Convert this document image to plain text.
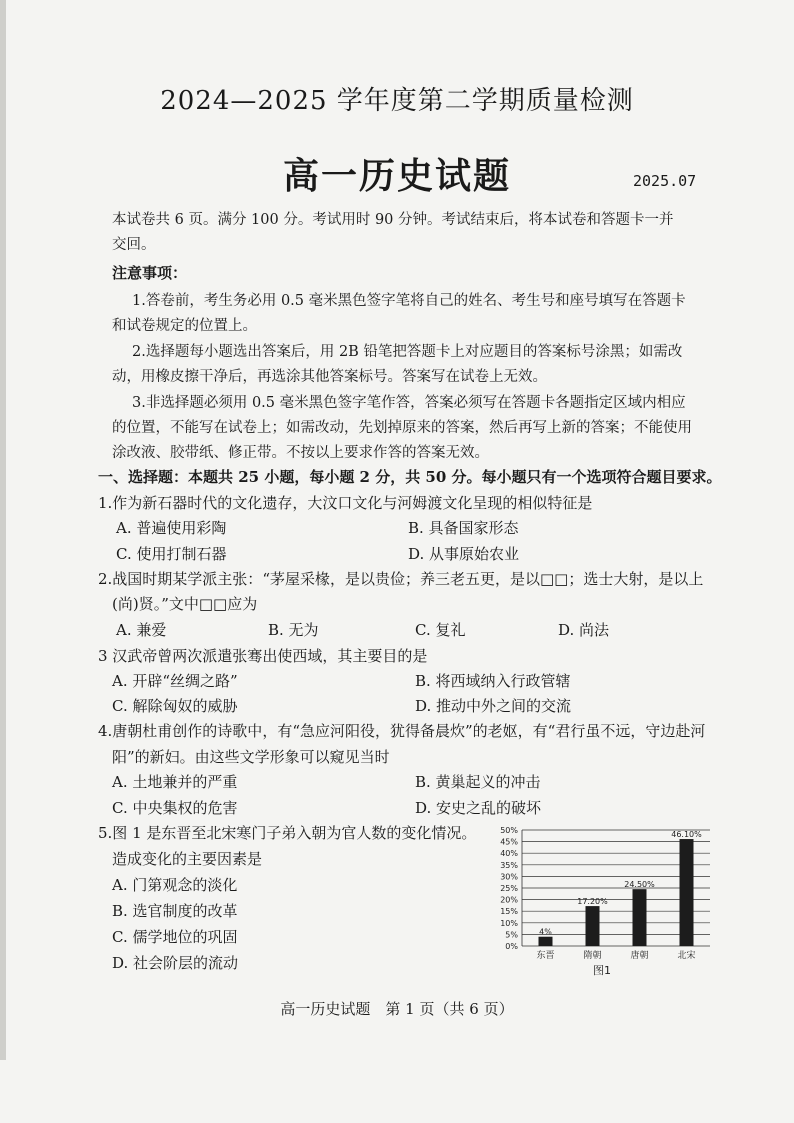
2024—2025 学年度第二学期质量检测
高一历史试题	2025.07
本试卷共 6 页。满分 100 分。考试用时 90 分钟。考试结束后，将本试卷和答题卡一并
交回。
注意事项：
1.答卷前，考生务必用 0.5 毫米黑色签字笔将自己的姓名、考生号和座号填写在答题卡
和试卷规定的位置上。
2.选择题每小题选出答案后，用 2B 铅笔把答题卡上对应题目的答案标号涂黑；如需改
动，用橡皮擦干净后，再选涂其他答案标号。答案写在试卷上无效。
3.非选择题必须用 0.5 毫米黑色签字笔作答，答案必须写在答题卡各题指定区域内相应
的位置，不能写在试卷上；如需改动，先划掉原来的答案，然后再写上新的答案；不能使用
涂改液、胶带纸、修正带。不按以上要求作答的答案无效。
一、选择题：本题共 25 小题，每小题 2 分，共 50 分。每小题只有一个选项符合题目要求。
1.作为新石器时代的文化遗存，大汶口文化与河姆渡文化呈现的相似特征是
A. 普遍使用彩陶	B. 具备国家形态
C. 使用打制石器	D. 从事原始农业
2.战国时期某学派主张：“茅屋采椽，是以贵俭；养三老五更，是以□□；选士大射，是以上
(尚)贤。”文中□□应为
A. 兼爱	B. 无为	C. 复礼	D. 尚法
3 汉武帝曾两次派遣张骞出使西域，其主要目的是
A. 开辟“丝绸之路”	B. 将西域纳入行政管辖
C. 解除匈奴的威胁	D. 推动中外之间的交流
4.唐朝杜甫创作的诗歌中，有“急应河阳役，犹得备晨炊”的老妪，有“君行虽不远，守边赴河
阳”的新妇。由这些文学形象可以窥见当时
A. 土地兼并的严重	B. 黄巢起义的冲击
C. 中央集权的危害	D. 安史之乱的破坏
5.图 1 是东晋至北宋寒门子弟入朝为官人数的变化情况。
造成变化的主要因素是
A. 门第观念的淡化
B. 选官制度的改革
C. 儒学地位的巩固
D. 社会阶层的流动
0%
5%
10%
15%
20%
25%
30%
35%
40%
45%
50%
4%
东晋
17.20%
隋朝
24.50%
唐朝
46.10%
北宋
图1
高一历史试题　第 1 页（共 6 页）
